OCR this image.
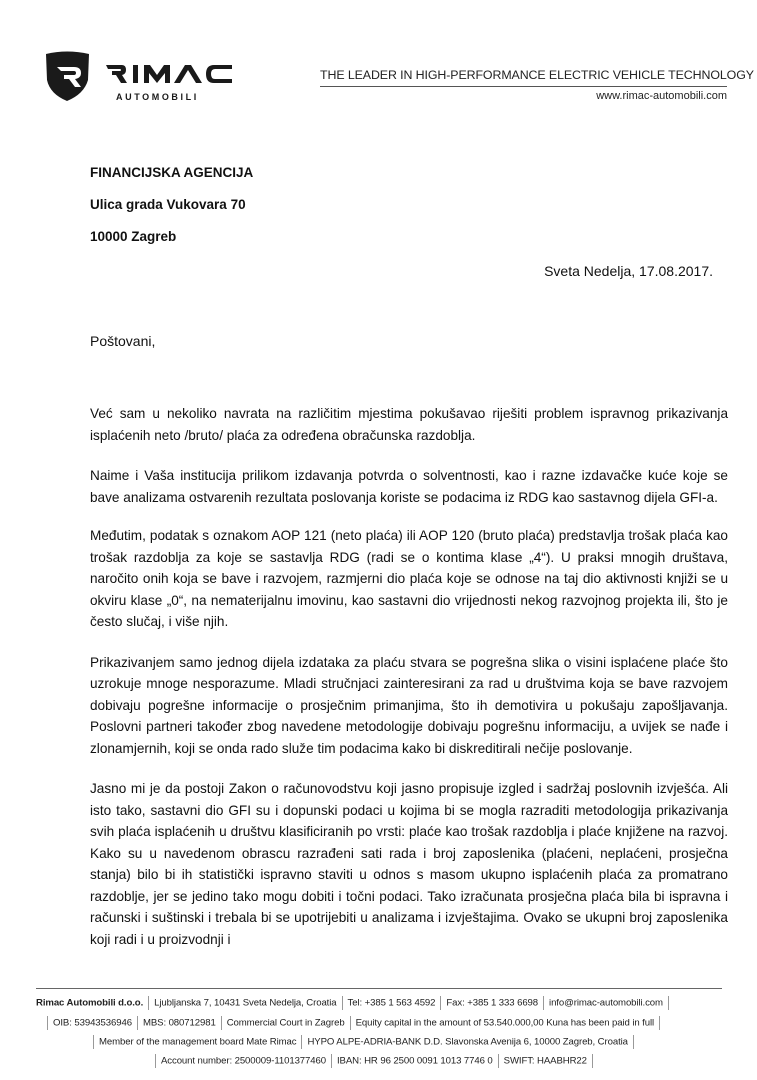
AUTOMOBILI
THE LEADER IN HIGH-PERFORMANCE ELECTRIC VEHICLE TECHNOLOGY
www.rimac-automobili.com
FINANCIJSKA AGENCIJA
Ulica grada Vukovara 70
10000 Zagreb
Sveta Nedelja, 17.08.2017.
Poštovani,

Već sam u nekoliko navrata na različitim mjestima pokušavao riješiti problem ispravnog prikazivanja isplaćenih neto /bruto/ plaća za određena obračunska razdoblja.

Naime i Vaša institucija prilikom izdavanja potvrda o solventnosti, kao i razne izdavačke kuće koje se bave analizama ostvarenih rezultata poslovanja koriste se podacima iz RDG kao sastavnog dijela GFI-a.

Međutim, podatak s oznakom AOP 121 (neto plaća) ili AOP 120 (bruto plaća) predstavlja trošak plaća kao trošak razdoblja za koje se sastavlja RDG (radi se o kontima klase „4“). U praksi mnogih društava, naročito onih koja se bave i razvojem, razmjerni dio plaća koje se odnose na taj dio aktivnosti knjiži se u okviru klase „0“, na nematerijalnu imovinu, kao sastavni dio vrijednosti nekog razvojnog projekta ili, što je često slučaj, i više njih.

Prikazivanjem samo jednog dijela izdataka za plaću stvara se pogrešna slika o visini isplaćene plaće što uzrokuje mnoge nesporazume. Mladi stručnjaci zainteresirani za rad u društvima koja se bave razvojem dobivaju pogrešne informacije o prosječnim primanjima, što ih demotivira u pokušaju zapošljavanja. Poslovni partneri također zbog navedene metodologije dobivaju pogrešnu informaciju, a uvijek se nađe i zlonamjernih, koji se onda rado služe tim podacima kako bi diskreditirali nečije poslovanje.

Jasno mi je da postoji Zakon o računovodstvu koji jasno propisuje izgled i sadržaj poslovnih izvješća. Ali isto tako, sastavni dio GFI su i dopunski podaci u kojima bi se mogla razraditi metodologija prikazivanja svih plaća isplaćenih u društvu klasificiranih po vrsti: plaće kao trošak razdoblja i plaće knjižene na razvoj. Kako su u navedenom obrascu razrađeni sati rada i broj zaposlenika (plaćeni, neplaćeni, prosječna stanja) bilo bi ih statistički ispravno staviti u odnos s masom ukupno isplaćenih plaća za promatrano razdoblje, jer se jedino tako mogu dobiti i točni podaci. Tako izračunata prosječna plaća bila bi ispravna i računski i suštinski i trebala bi se upotrijebiti u analizama i izvještajima. Ovako se ukupni broj zaposlenika koji radi i u proizvodnji i

Rimac Automobili d.o.o. Ljubljanska 7, 10431 Sveta Nedelja, Croatia Tel: +385 1 563 4592 Fax: +385 1 333 6698 info@rimac-automobili.com
OIB: 53943536946 MBS: 080712981 Commercial Court in Zagreb Equity capital in the amount of 53.540.000,00 Kuna has been paid in full
Member of the management board Mate Rimac HYPO ALPE-ADRIA-BANK D.D. Slavonska Avenija 6, 10000 Zagreb, Croatia
Account number: 2500009-1101377460 IBAN: HR 96 2500 0091 1013 7746 0 SWIFT: HAABHR22
